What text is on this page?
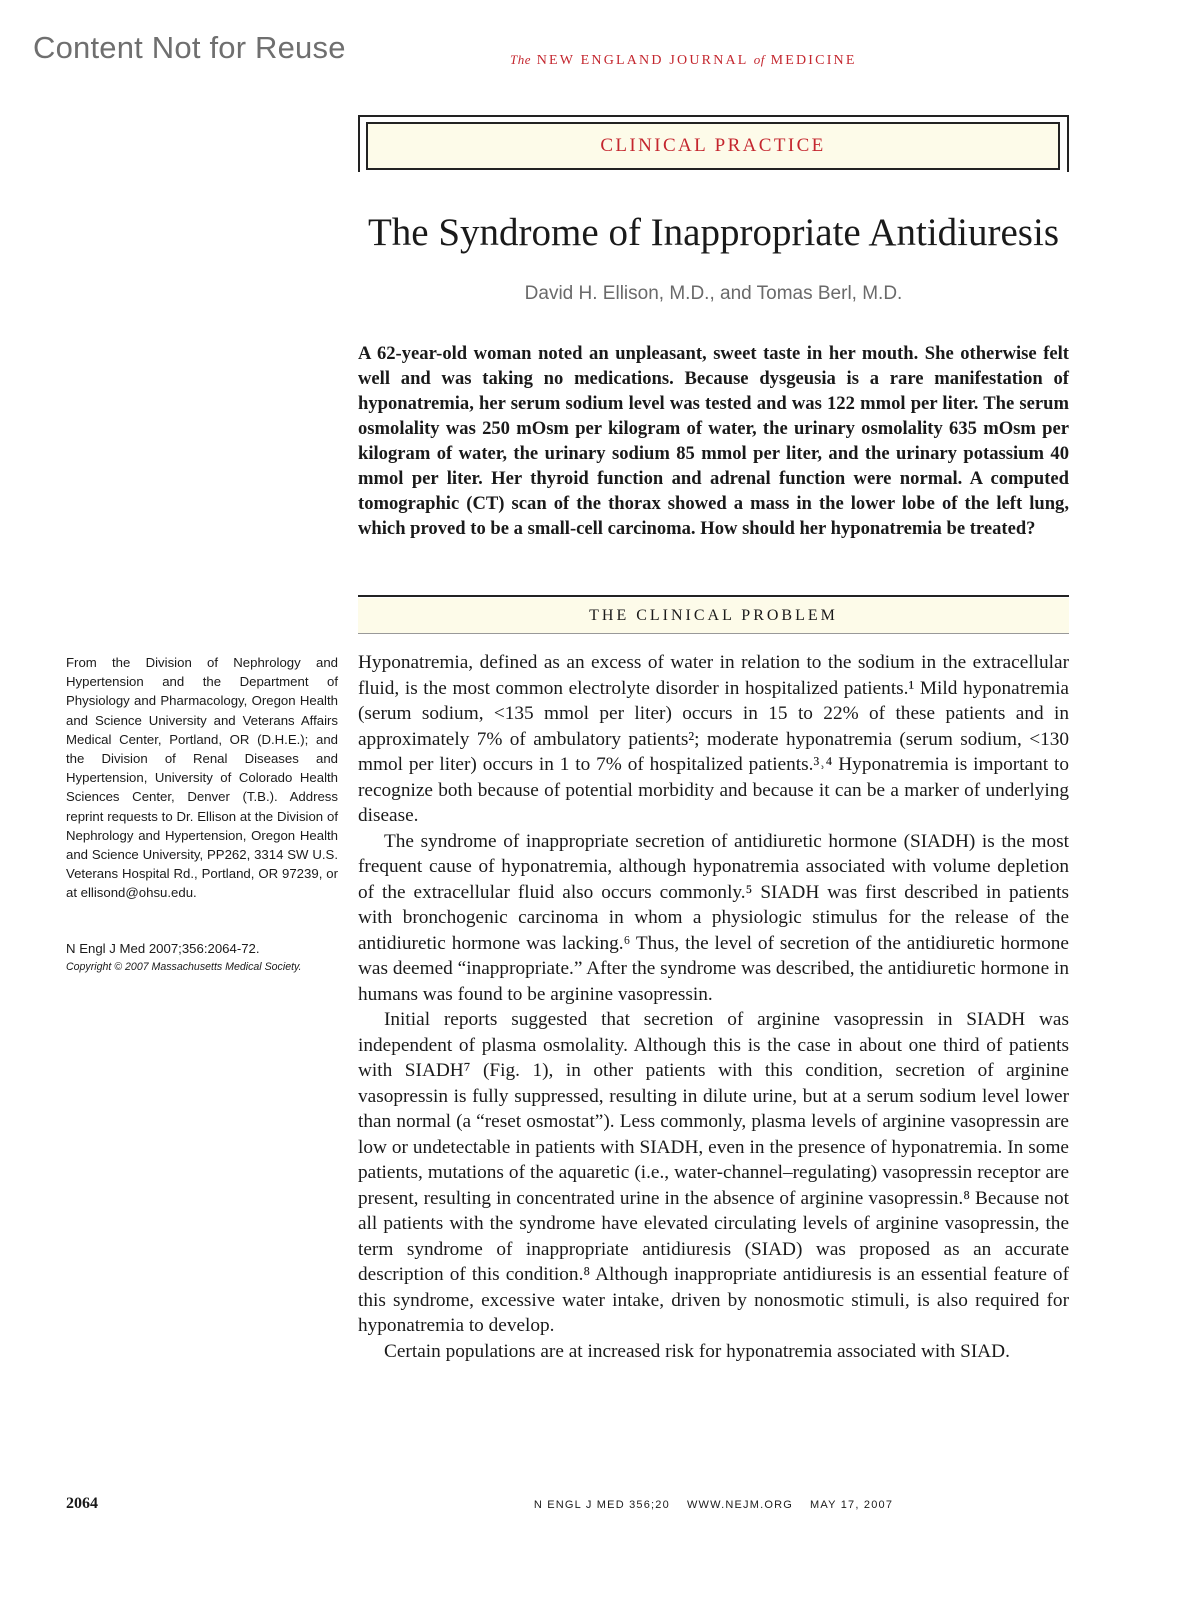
Content Not for Reuse	The NEW ENGLAND JOURNAL of MEDICINE
CLINICAL PRACTICE
The Syndrome of Inappropriate Antidiuresis
David H. Ellison, M.D., and Tomas Berl, M.D.

A 62-year-old woman noted an unpleasant, sweet taste in her mouth. She otherwise felt well and was taking no medications. Because dysgeusia is a rare manifestation of hyponatremia, her serum sodium level was tested and was 122 mmol per liter. The serum osmolality was 250 mOsm per kilogram of water, the urinary osmolality 635 mOsm per kilogram of water, the urinary sodium 85 mmol per liter, and the urinary potassium 40 mmol per liter. Her thyroid function and adrenal function were normal. A computed tomographic (CT) scan of the thorax showed a mass in the lower lobe of the left lung, which proved to be a small-cell carcinoma. How should her hyponatremia be treated?

THE CLINICAL PROBLEM

From the Division of Nephrology and Hypertension and the Department of Physiology and Pharmacology, Oregon Health and Science University and Veterans Affairs Medical Center, Portland, OR (D.H.E.); and the Division of Renal Diseases and Hypertension, University of Colorado Health Sciences Center, Denver (T.B.). Address reprint requests to Dr. Ellison at the Division of Nephrology and Hypertension, Oregon Health and Science University, PP262, 3314 SW U.S. Veterans Hospital Rd., Portland, OR 97239, or at ellisond@ohsu.edu.

N Engl J Med 2007;356:2064-72.
Copyright © 2007 Massachusetts Medical Society.

Hyponatremia, defined as an excess of water in relation to the sodium in the extracellular fluid, is the most common electrolyte disorder in hospitalized patients.¹ Mild hyponatremia (serum sodium, <135 mmol per liter) occurs in 15 to 22% of these patients and in approximately 7% of ambulatory patients²; moderate hyponatremia (serum sodium, <130 mmol per liter) occurs in 1 to 7% of hospitalized patients.³˒⁴ Hyponatremia is important to recognize both because of potential morbidity and because it can be a marker of underlying disease.

The syndrome of inappropriate secretion of antidiuretic hormone (SIADH) is the most frequent cause of hyponatremia, although hyponatremia associated with volume depletion of the extracellular fluid also occurs commonly.⁵ SIADH was first described in patients with bronchogenic carcinoma in whom a physiologic stimulus for the release of the antidiuretic hormone was lacking.⁶ Thus, the level of secretion of the antidiuretic hormone was deemed “inappropriate.” After the syndrome was described, the antidiuretic hormone in humans was found to be arginine vasopressin.

Initial reports suggested that secretion of arginine vasopressin in SIADH was independent of plasma osmolality. Although this is the case in about one third of patients with SIADH⁷ (Fig. 1), in other patients with this condition, secretion of arginine vasopressin is fully suppressed, resulting in dilute urine, but at a serum sodium level lower than normal (a “reset osmostat”). Less commonly, plasma levels of arginine vasopressin are low or undetectable in patients with SIADH, even in the presence of hyponatremia. In some patients, mutations of the aquaretic (i.e., water-channel–regulating) vasopressin receptor are present, resulting in concentrated urine in the absence of arginine vasopressin.⁸ Because not all patients with the syndrome have elevated circulating levels of arginine vasopressin, the term syndrome of inappropriate antidiuresis (SIAD) was proposed as an accurate description of this condition.⁸ Although inappropriate antidiuresis is an essential feature of this syndrome, excessive water intake, driven by nonosmotic stimuli, is also required for hyponatremia to develop.

Certain populations are at increased risk for hyponatremia associated with SIAD.

2064	N ENGL J MED 356;20    WWW.NEJM.ORG    MAY 17, 2007
